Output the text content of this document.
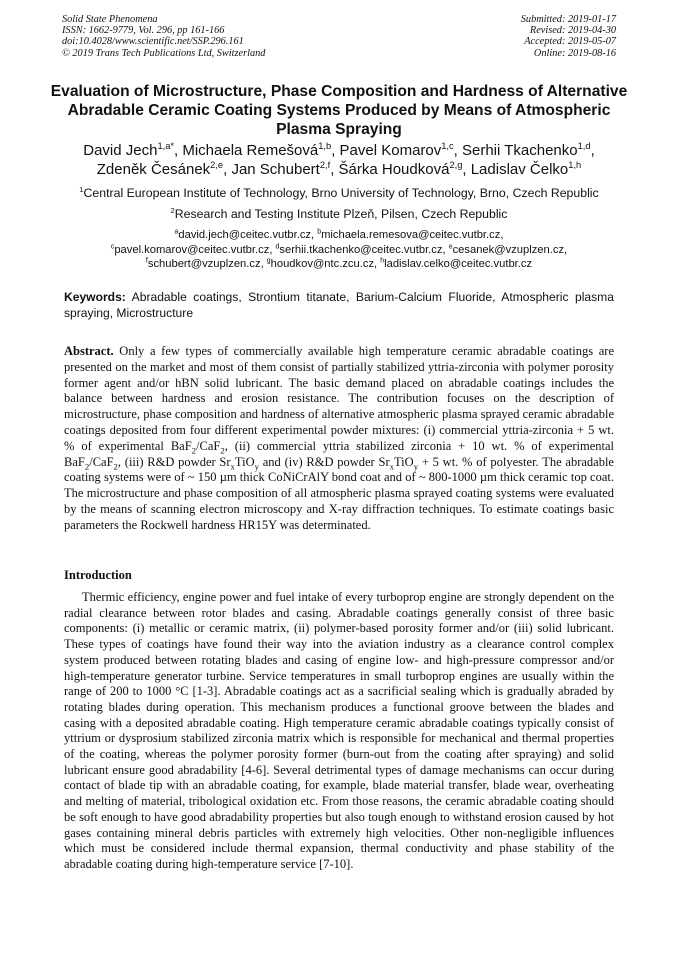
Solid State Phenomena
ISSN: 1662-9779, Vol. 296, pp 161-166
doi:10.4028/www.scientific.net/SSP.296.161
© 2019 Trans Tech Publications Ltd, Switzerland
Submitted: 2019-01-17
Revised: 2019-04-30
Accepted: 2019-05-07
Online: 2019-08-16
Evaluation of Microstructure, Phase Composition and Hardness of Alternative Abradable Ceramic Coating Systems Produced by Means of Atmospheric Plasma Spraying
David Jech$^{1,a*}$, Michaela Remešová$^{1,b}$, Pavel Komarov$^{1,c}$, Serhii Tkachenko$^{1,d}$,
Zdeněk Česánek$^{2,e}$, Jan Schubert$^{2,f}$, Šárka Houdková$^{2,g}$, Ladislav Čelko$^{1,h}$
$^1$Central European Institute of Technology, Brno University of Technology, Brno, Czech Republic
$^2$Research and Testing Institute Plzeň, Pilsen, Czech Republic
$^a$david.jech@ceitec.vutbr.cz, $^b$michaela.remesova@ceitec.vutbr.cz,
$^c$pavel.komarov@ceitec.vutbr.cz, $^d$serhii.tkachenko@ceitec.vutbr.cz, $^e$cesanek@vzuplzen.cz,
$^f$schubert@vzuplzen.cz, $^g$houdkov@ntc.zcu.cz, $^h$ladislav.celko@ceitec.vutbr.cz
Keywords: Abradable coatings, Strontium titanate, Barium-Calcium Fluoride, Atmospheric plasma spraying, Microstructure
Abstract. Only a few types of commercially available high temperature ceramic abradable coatings are presented on the market and most of them consist of partially stabilized yttria-zirconia with polymer porosity former agent and/or hBN solid lubricant. The basic demand placed on abradable coatings includes the balance between hardness and erosion resistance. The contribution focuses on the description of microstructure, phase composition and hardness of alternative atmospheric plasma sprayed ceramic abradable coatings deposited from four different experimental powder mixtures: (i) commercial yttria-zirconia + 5 wt. % of experimental BaF$_2$/CaF$_2$, (ii) commercial yttria stabilized zirconia + 10 wt. % of experimental BaF$_2$/CaF$_2$, (iii) R&D powder $Sr_xTiO_y$ and (iv) R&D powder $Sr_xTiO_y + 5$ wt. % of polyester. The abradable coating systems were of ~ 150 µm thick CoNiCrAlY bond coat and of ~ 800-1000 µm thick ceramic top coat. The microstructure and phase composition of all atmospheric plasma sprayed coating systems were evaluated by the means of scanning electron microscopy and X-ray diffraction techniques. To estimate coatings basic parameters the Rockwell hardness HR15Y was determinated.
Introduction
Thermic efficiency, engine power and fuel intake of every turboprop engine are strongly dependent on the radial clearance between rotor blades and casing. Abradable coatings generally consist of three basic components: (i) metallic or ceramic matrix, (ii) polymer-based porosity former and/or (iii) solid lubricant. These types of coatings have found their way into the aviation industry as a clearance control complex system produced between rotating blades and casing of engine low- and high-pressure compressor and/or high-temperature generator turbine. Service temperatures in small turboprop engines are usually within the range of 200 to 1000 °C [1-3]. Abradable coatings act as a sacrificial sealing which is gradually abraded by rotating blades during operation. This mechanism produces a functional groove between the blades and casing with a deposited abradable coating. High temperature ceramic abradable coatings typically consist of yttrium or dysprosium stabilized zirconia matrix which is responsible for mechanical and thermal properties of the coating, whereas the polymer porosity former (burn-out from the coating after spraying) and solid lubricant ensure good abradability [4-6]. Several detrimental types of damage mechanisms can occur during contact of blade tip with an abradable coating, for example, blade material transfer, blade wear, overheating and melting of material, tribological oxidation etc. From those reasons, the ceramic abradable coating should be soft enough to have good abradability properties but also tough enough to withstand erosion caused by hot gases containing mineral debris particles with extremely high velocities. Other non-negligible influences which must be considered include thermal expansion, thermal conductivity and phase stability of the abradable coating during high-temperature service [7-10].
